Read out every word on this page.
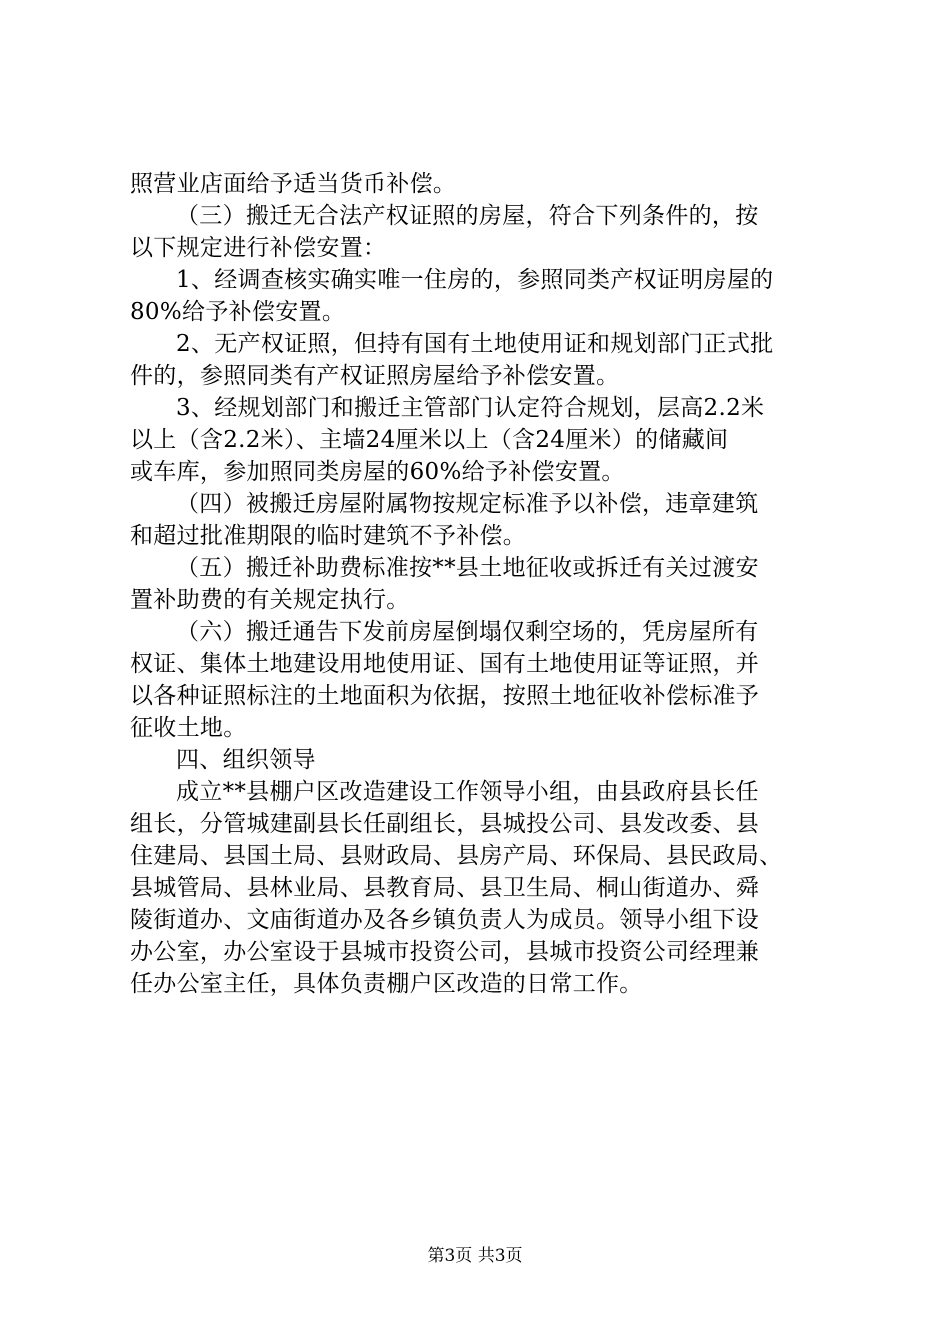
照营业店面给予适当货币补偿。
（三）搬迁无合法产权证照的房屋，符合下列条件的，按
以下规定进行补偿安置：
1、经调查核实确实唯一住房的，参照同类产权证明房屋的
80%给予补偿安置。
2、无产权证照，但持有国有土地使用证和规划部门正式批
件的，参照同类有产权证照房屋给予补偿安置。
3、经规划部门和搬迁主管部门认定符合规划，层高2.2米
以上（含2.2米）、主墙24厘米以上（含24厘米）的储藏间
或车库，参加照同类房屋的60%给予补偿安置。
（四）被搬迁房屋附属物按规定标准予以补偿，违章建筑
和超过批准期限的临时建筑不予补偿。
（五）搬迁补助费标准按**县土地征收或拆迁有关过渡安
置补助费的有关规定执行。
（六）搬迁通告下发前房屋倒塌仅剩空场的，凭房屋所有
权证、集体土地建设用地使用证、国有土地使用证等证照，并
以各种证照标注的土地面积为依据，按照土地征收补偿标准予
征收土地。
四、组织领导
成立**县棚户区改造建设工作领导小组，由县政府县长任
组长，分管城建副县长任副组长，县城投公司、县发改委、县
住建局、县国土局、县财政局、县房产局、环保局、县民政局、
县城管局、县林业局、县教育局、县卫生局、桐山街道办、舜
陵街道办、文庙街道办及各乡镇负责人为成员。领导小组下设
办公室，办公室设于县城市投资公司，县城市投资公司经理兼
任办公室主任，具体负责棚户区改造的日常工作。
第3页 共3页
